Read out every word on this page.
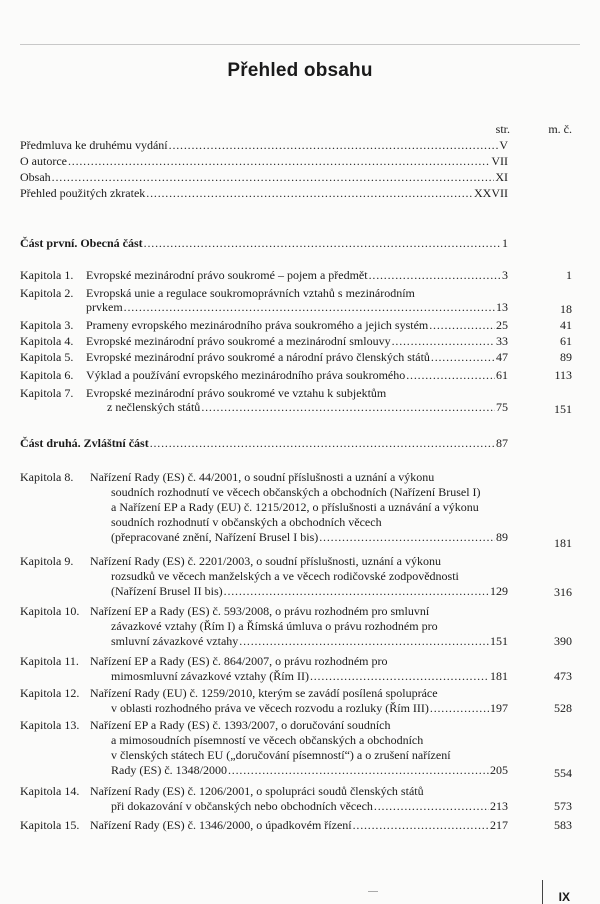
Přehled obsahu
str.	m. č.
Předmluva ke druhému vydání . . .	V
O autorce . . .	VII
Obsah . . .	XI
Přehled použitých zkratek . . .	XXVII
Část první. Obecná část . . .	1
Kapitola 1. Evropské mezinárodní právo soukromé – pojem a předmět . . .	3	1
Kapitola 2. Evropská unie a regulace soukromoprávních vztahů s mezinárodním
prvkem . . .	13	18
Kapitola 3. Prameny evropského mezinárodního práva soukromého a jejich systém . . .	25	41
Kapitola 4. Evropské mezinárodní právo soukromé a mezinárodní smlouvy . . .	33	61
Kapitola 5. Evropské mezinárodní právo soukromé a národní právo členských států . . .	47	89
Kapitola 6. Výklad a používání evropského mezinárodního práva soukromého . . .	61	113
Kapitola 7. Evropské mezinárodní právo soukromé ve vztahu k subjektům
z nečlenských států . . .	75	151
Část druhá. Zvláštní část . . .	87
Kapitola 8. Nařízení Rady (ES) č. 44/2001, o soudní příslušnosti a uznání a výkonu
soudních rozhodnutí ve věcech občanských a obchodních (Nařízení Brusel I)
a Nařízení EP a Rady (EU) č. 1215/2012, o příslušnosti a uznávání a výkonu
soudních rozhodnutí v občanských a obchodních věcech
(přepracované znění, Nařízení Brusel I bis) . . .	89	181
Kapitola 9. Nařízení Rady (ES) č. 2201/2003, o soudní příslušnosti, uznání a výkonu
rozsudků ve věcech manželských a ve věcech rodičovské zodpovědnosti
(Nařízení Brusel II bis) . . .	129	316
Kapitola 10. Nařízení EP a Rady (ES) č. 593/2008, o právu rozhodném pro smluvní
závazkové vztahy (Řím I) a Římská úmluva o právu rozhodném pro
smluvní závazkové vztahy . . .	151	390
Kapitola 11. Nařízení EP a Rady (ES) č. 864/2007, o právu rozhodném pro
mimosmluvní závazkové vztahy (Řím II) . . .	181	473
Kapitola 12. Nařízení Rady (EU) č. 1259/2010, kterým se zavádí posílená spolupráce
v oblasti rozhodného práva ve věcech rozvodu a rozluky (Řím III) . . .	197	528
Kapitola 13. Nařízení EP a Rady (ES) č. 1393/2007, o doručování soudních
a mimosoudních písemností ve věcech občanských a obchodních
v členských státech EU („doručování písemností“) a o zrušení nařízení
Rady (ES) č. 1348/2000 . . .	205	554
Kapitola 14. Nařízení Rady (ES) č. 1206/2001, o spolupráci soudů členských států
při dokazování v občanských nebo obchodních věcech . . .	213	573
Kapitola 15. Nařízení Rady (ES) č. 1346/2000, o úpadkovém řízení . . .	217	583
IX
